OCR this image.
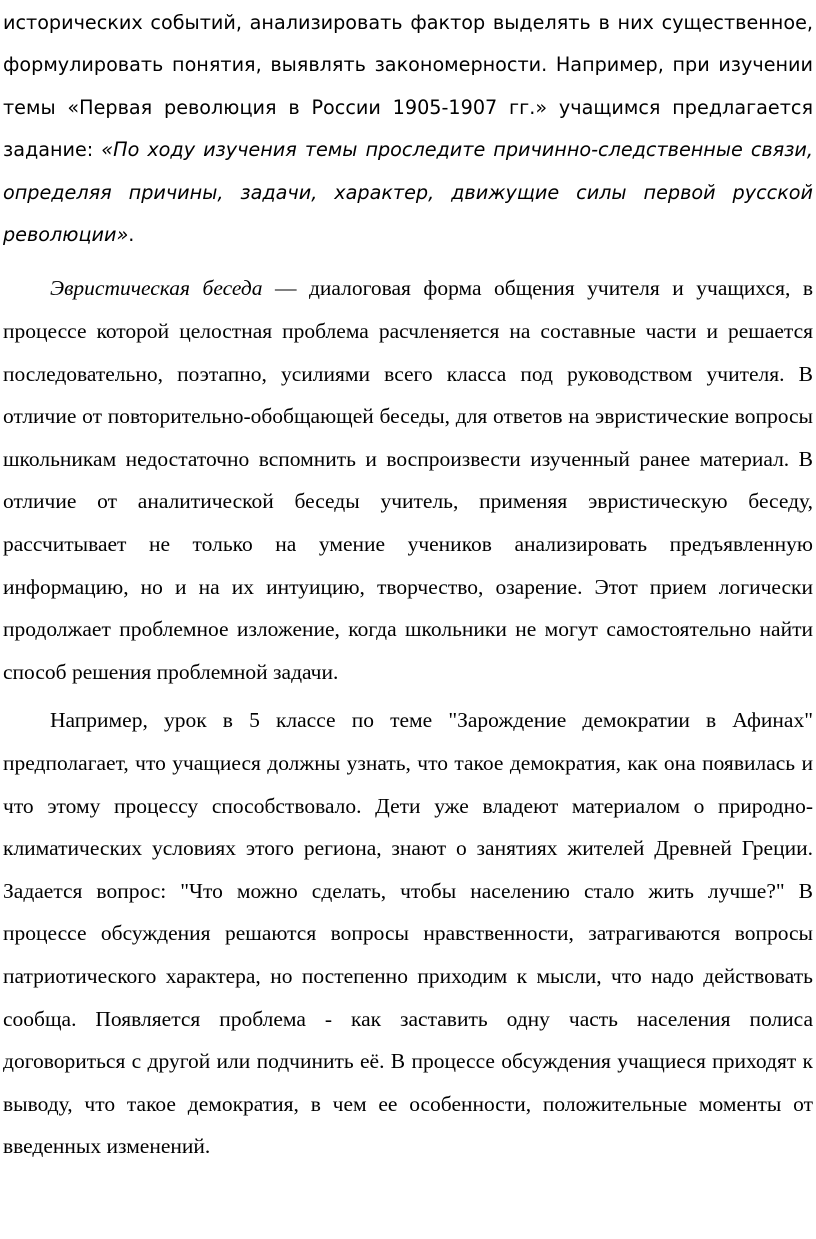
исторических событий, анализировать фактор выделять в них существенное, формулировать понятия, выявлять закономерности. Например, при изучении темы «Первая революция в России 1905-1907 гг.» учащимся предлагается задание: «По ходу изучения темы проследите причинно-следственные связи, определяя причины, задачи, характер, движущие силы первой русской революции».

Эвристическая беседа — диалоговая форма общения учителя и учащихся, в процессе которой целостная проблема расчленяется на составные части и решается последовательно, поэтапно, усилиями всего класса под руководством учителя. В отличие от повторительно-обобщающей беседы, для ответов на эвристические вопросы школьникам недостаточно вспомнить и воспроизвести изученный ранее материал. В отличие от аналитической беседы учитель, применяя эвристическую беседу, рассчитывает не только на умение учеников анализировать предъявленную информацию, но и на их интуицию, творчество, озарение. Этот прием логически продолжает проблемное изложение, когда школьники не могут самостоятельно найти способ решения проблемной задачи.

Например, урок в 5 классе по теме "Зарождение демократии в Афинах" предполагает, что учащиеся должны узнать, что такое демократия, как она появилась и что этому процессу способствовало. Дети уже владеют материалом о природно-климатических условиях этого региона, знают о занятиях жителей Древней Греции. Задается вопрос: "Что можно сделать, чтобы населению стало жить лучше?" В процессе обсуждения решаются вопросы нравственности, затрагиваются вопросы патриотического характера, но постепенно приходим к мысли, что надо действовать сообща. Появляется проблема - как заставить одну часть населения полиса договориться с другой или подчинить её. В процессе обсуждения учащиеся приходят к выводу, что такое демократия, в чем ее особенности, положительные моменты от введенных изменений.
